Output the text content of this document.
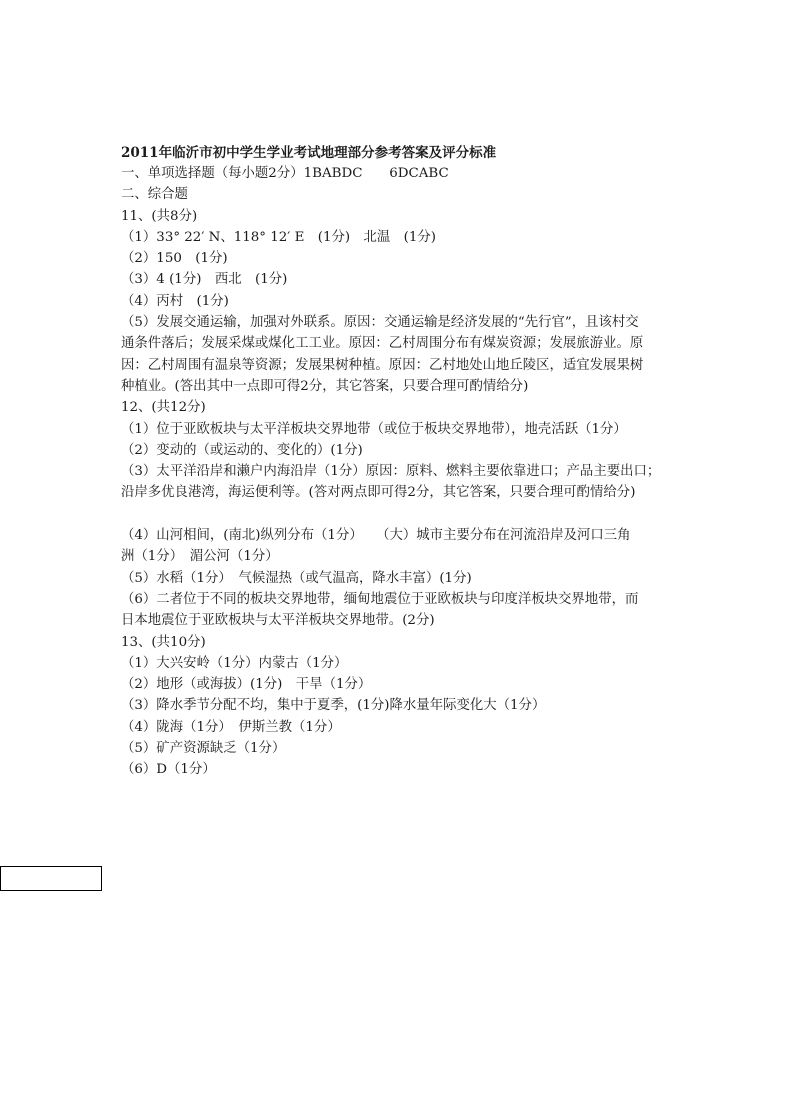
2011年临沂市初中学生学业考试地理部分参考答案及评分标准
一、单项选择题（每小题2分）1BABDC　　6DCABC
二、综合题
11、(共8分)
（1）33° 22′ N、118° 12′ E　(1分)　北温　(1分)
（2）150　(1分)
（3）4 (1分)　西北　(1分)
（4）丙村　(1分)
（5）发展交通运输，加强对外联系。原因：交通运输是经济发展的“先行官”，且该村交
通条件落后；发展采煤或煤化工工业。原因：乙村周围分布有煤炭资源；发展旅游业。原
因：乙村周围有温泉等资源；发展果树种植。原因：乙村地处山地丘陵区，适宜发展果树
种植业。(答出其中一点即可得2分，其它答案，只要合理可酌情给分)
12、(共12分)
（1）位于亚欧板块与太平洋板块交界地带（或位于板块交界地带），地壳活跃（1分）
（2）变动的（或运动的、变化的）(1分)
（3）太平洋沿岸和濑户内海沿岸（1分）原因：原料、燃料主要依靠进口；产品主要出口；
沿岸多优良港湾，海运便利等。(答对两点即可得2分，其它答案，只要合理可酌情给分)
（4）山河相间，(南北)纵列分布（1分）　　（大）城市主要分布在河流沿岸及河口三角
洲（1分）　湄公河（1分）
（5）水稻（1分）　气候湿热（或气温高，降水丰富）(1分)
（6）二者位于不同的板块交界地带，缅甸地震位于亚欧板块与印度洋板块交界地带，而
日本地震位于亚欧板块与太平洋板块交界地带。(2分)
13、(共10分)
（1）大兴安岭（1分）内蒙古（1分）
（2）地形（或海拔）(1分)　干旱（1分）
（3）降水季节分配不均，集中于夏季，(1分)降水量年际变化大（1分）
（4）陇海（1分）　伊斯兰教（1分）
（5）矿产资源缺乏（1分）
（6）D（1分）
